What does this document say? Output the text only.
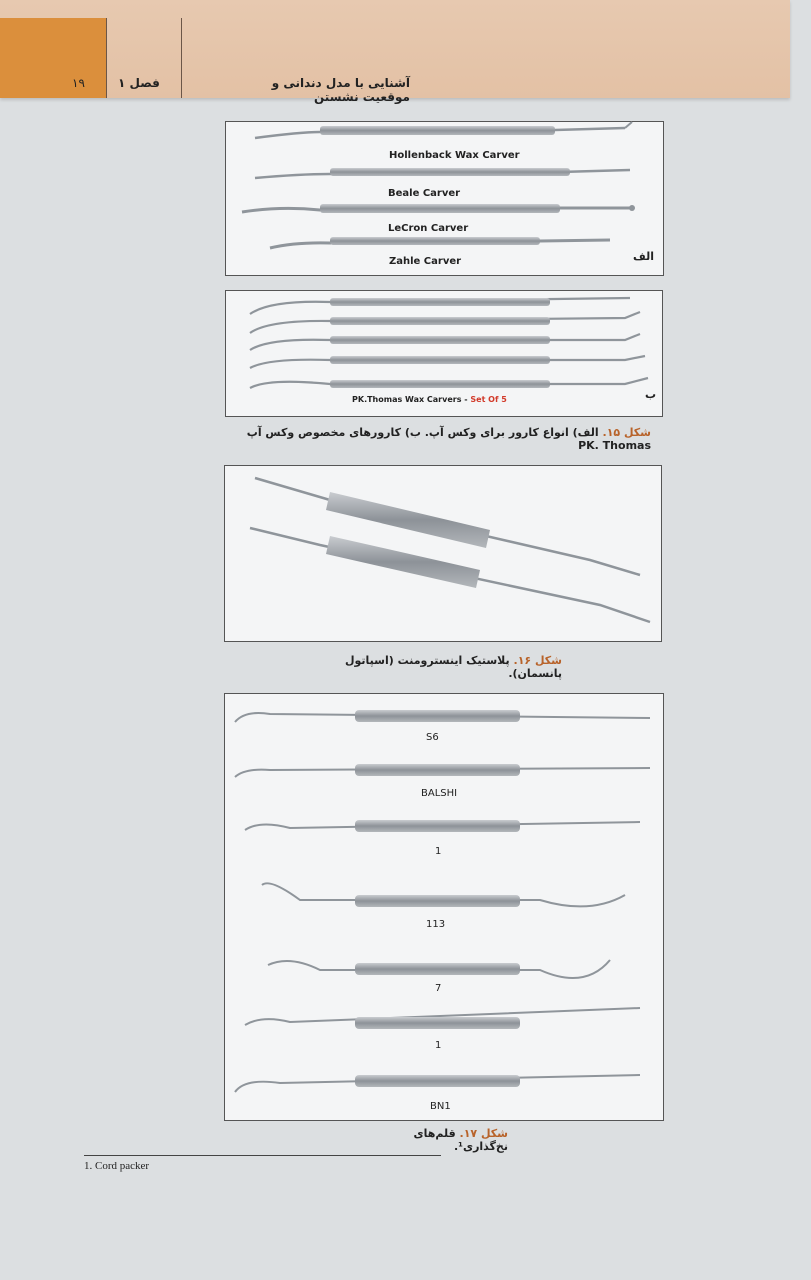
۱۹	فصل ۱	آشنایی با مدل دندانی و موقعیت نشستن
Hollenback Wax Carver
Beale Carver
LeCron Carver
Zahle Carver	الف
PK.Thomas Wax Carvers - Set Of 5	ب
شکل ۱۵. الف) انواع کارور برای وکس آپ. ب) کارورهای مخصوص وکس آپ PK. Thomas
شکل ۱۶. پلاستیک اینسترومنت (اسپاتول پانسمان).
S6
BALSHI
1
113
7
1
BN1
شکل ۱۷. قلم‌های نخ‌گذاری¹.
1. Cord packer
